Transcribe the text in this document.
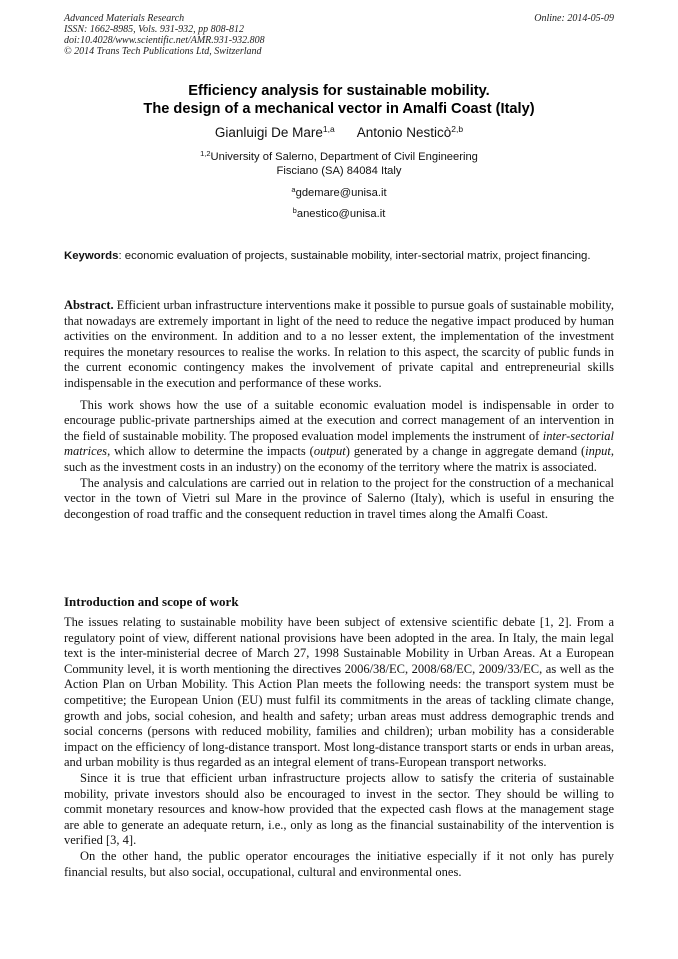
Advanced Materials Research
ISSN: 1662-8985, Vols. 931-932, pp 808-812
doi:10.4028/www.scientific.net/AMR.931-932.808
© 2014 Trans Tech Publications Ltd, Switzerland
Online: 2014-05-09
Efficiency analysis for sustainable mobility.
The design of a mechanical vector in Amalfi Coast (Italy)
Gianluigi De Mare$^{1,a}$ Antonio Nesticò$^{2,b}$
$^{1,2}$University of Salerno, Department of Civil Engineering
Fisciano (SA) 84084 Italy
$^a$gdemare@unisa.it
$^b$anestico@unisa.it
Keywords: economic evaluation of projects, sustainable mobility, inter-sectorial matrix, project financing.

Abstract. Efficient urban infrastructure interventions make it possible to pursue goals of sustainable mobility, that nowadays are extremely important in light of the need to reduce the negative impact produced by human activities on the environment. In addition and to a no lesser extent, the implementation of the investment requires the monetary resources to realise the works. In relation to this aspect, the scarcity of public funds in the current economic contingency makes the involvement of private capital and entrepreneurial skills indispensable in the execution and performance of these works.

This work shows how the use of a suitable economic evaluation model is indispensable in order to encourage public-private partnerships aimed at the execution and correct management of an intervention in the field of sustainable mobility. The proposed evaluation model implements the instrument of inter-sectorial matrices, which allow to determine the impacts (output) generated by a change in aggregate demand (input, such as the investment costs in an industry) on the economy of the territory where the matrix is associated.

The analysis and calculations are carried out in relation to the project for the construction of a mechanical vector in the town of Vietri sul Mare in the province of Salerno (Italy), which is useful in ensuring the decongestion of road traffic and the consequent reduction in travel times along the Amalfi Coast.

Introduction and scope of work

The issues relating to sustainable mobility have been subject of extensive scientific debate [1, 2]. From a regulatory point of view, different national provisions have been adopted in the area. In Italy, the main legal text is the inter-ministerial decree of March 27, 1998 Sustainable Mobility in Urban Areas. At a European Community level, it is worth mentioning the directives 2006/38/EC, 2008/68/EC, 2009/33/EC, as well as the Action Plan on Urban Mobility. This Action Plan meets the following needs: the transport system must be competitive; the European Union (EU) must fulfil its commitments in the areas of tackling climate change, growth and jobs, social cohesion, and health and safety; urban areas must address demographic trends and social concerns (persons with reduced mobility, families and children); urban mobility has a considerable impact on the efficiency of long-distance transport. Most long-distance transport starts or ends in urban areas, and urban mobility is thus regarded as an integral element of trans-European transport networks.

Since it is true that efficient urban infrastructure projects allow to satisfy the criteria of sustainable mobility, private investors should also be encouraged to invest in the sector. They should be willing to commit monetary resources and know-how provided that the expected cash flows at the management stage are able to generate an adequate return, i.e., only as long as the financial sustainability of the intervention is verified [3, 4].

On the other hand, the public operator encourages the initiative especially if it not only has purely financial results, but also social, occupational, cultural and environmental ones.
